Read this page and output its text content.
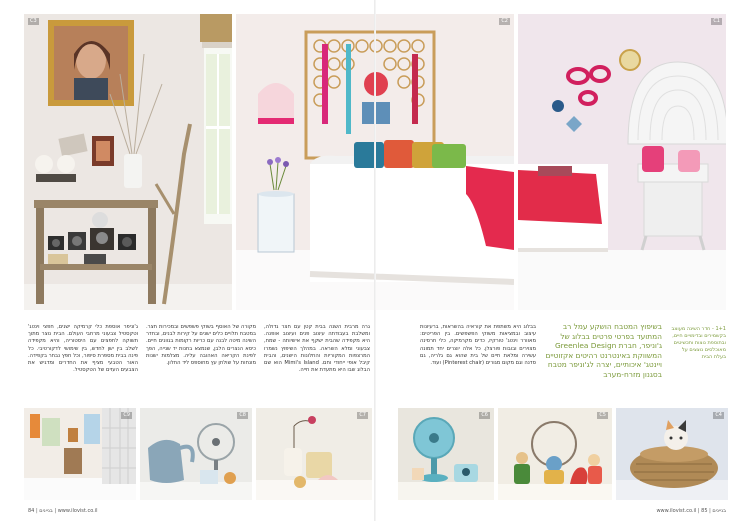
C3	C2
ג'וניפר אוספת כלי קרמיקה ישנים, חפצי וינטג' וטקסטיל צבעוני מרחבי העולם. הבית נוצר מתוך תשוקה לחפצים עם היסטוריה, והיא מקפידה לשלב בין ישן לחדש, בין שימושי לדקורטיבי. כל פינה בבית מספרת סיפור, וכל חפץ נבחר בקפידה. האור הטבעי מציף את החדרים ומדגיש את הצבעים העזים של הטקסטיל.
מקורה של האוסף בשוקי פשפשים ובמכירות חצר. במטבח תלויים כלים ישנים על קירות לבנים, ובחדר השינה מיטה לבנה עם כריות רקומות בגוונים חיים. כיסא הנצרים הלבן, שנמצא בחנות יד שנייה, הפך לפינת הקריאה האהובה עליה. מצלמות ישנות מונחות על שולחן עץ מחוספס ליד החלון.
גרה מרבית השנה בבית קטן עם חצר גדולה, ומשלבת בעבודתה עיצוב פנים ועיצוב אופנה. היא מקפידה שהבית ישקף את אישיותה - שמח, צבעוני ומלא השראה. במהלך השיפוץ נשמרו המרצפות המקוריות והחלונות הישנים, והבית קיבל אופי ייחודי וחם. Mimi's Island הוא שם הבלוג שבו היא מתעדת את חייה.
C9	C8	C7
84 | בניינים | www.ilovist.co.il
C1
בבלוג היא משתפת את קוראיה בהשראות, ברעיונות עיצוב ובמציאות משוקי הפשפשים. בין הפריטים: מאוורר וינטג' טורקיז, כדים מקרמיקה, כלי חרסינה מצוירים ובובות פורצלן. כל אלה יוצרים יחד תמונה עשירה ומלאת חיים של בית שהוא גם גלריה, גם סדנה וגם מקום מגורים (Pinterest chair) ועוד.
בשיפוץ המטבח הושקע עמל רב
המתועד בפרטי פרטים בבלוג של
ג'וניפר, חברת Greenlea Design
המשווקת באינטרנט רהיטים אקזוטיים
ויינטג' איכותיים, יצרה לג'וניפר מטבח
בסגנון מזרח-מערב
1+1 - חדר השינה מעוצב
בקשמירים ובדימויים חיים,
ובתוספת נוצות ותכשיטים
מאוכלסים נוצצים על
בעלת הבית
C6	C5	C4
www.ilovist.co.il | בניינים | 85
